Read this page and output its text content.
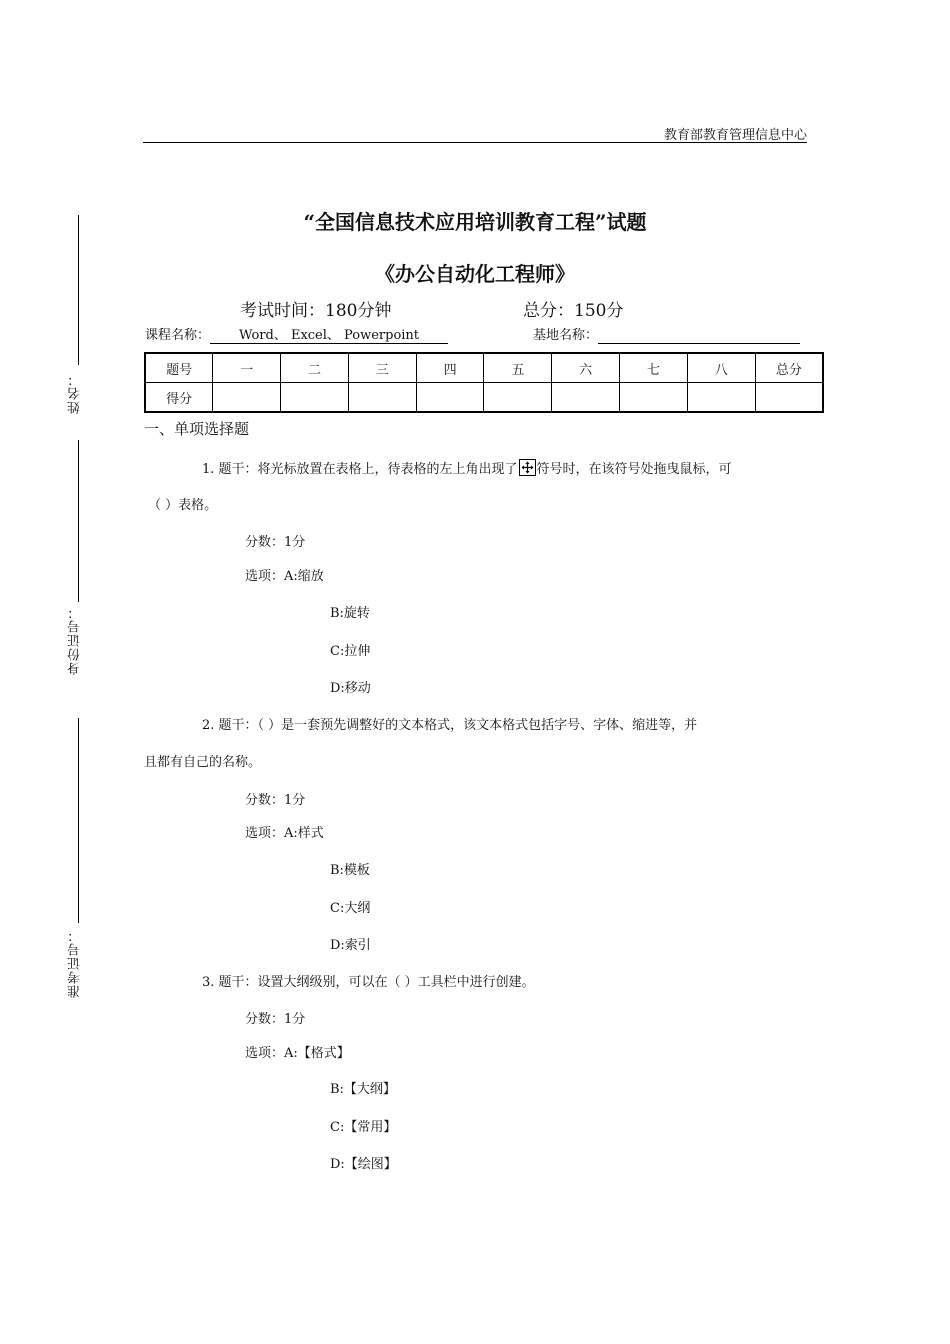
教育部教育管理信息中心
姓名：
身份证号：
准考证号：
“全国信息技术应用培训教育工程”试题
《办公自动化工程师》
考试时间：180分钟	总分：150分
课程名称： Word、 Excel、 Powerpoint	基地名称：
题号	一	二	三	四	五	六	七	八	总分
得分									
一、单项选择题
1. 题干：将光标放置在表格上，待表格的左上角出现了 符号时，在该符号处拖曳鼠标，可
（ ）表格。
分数：1分
选项：A:缩放
B:旋转
C:拉伸
D:移动
2. 题干：（ ）是一套预先调整好的文本格式，该文本格式包括字号、字体、缩进等，并
且都有自己的名称。
分数：1分
选项：A:样式
B:模板
C:大纲
D:索引
3. 题干：设置大纲级别，可以在（ ）工具栏中进行创建。
分数：1分
选项：A:【格式】
B:【大纲】
C:【常用】
D:【绘图】
